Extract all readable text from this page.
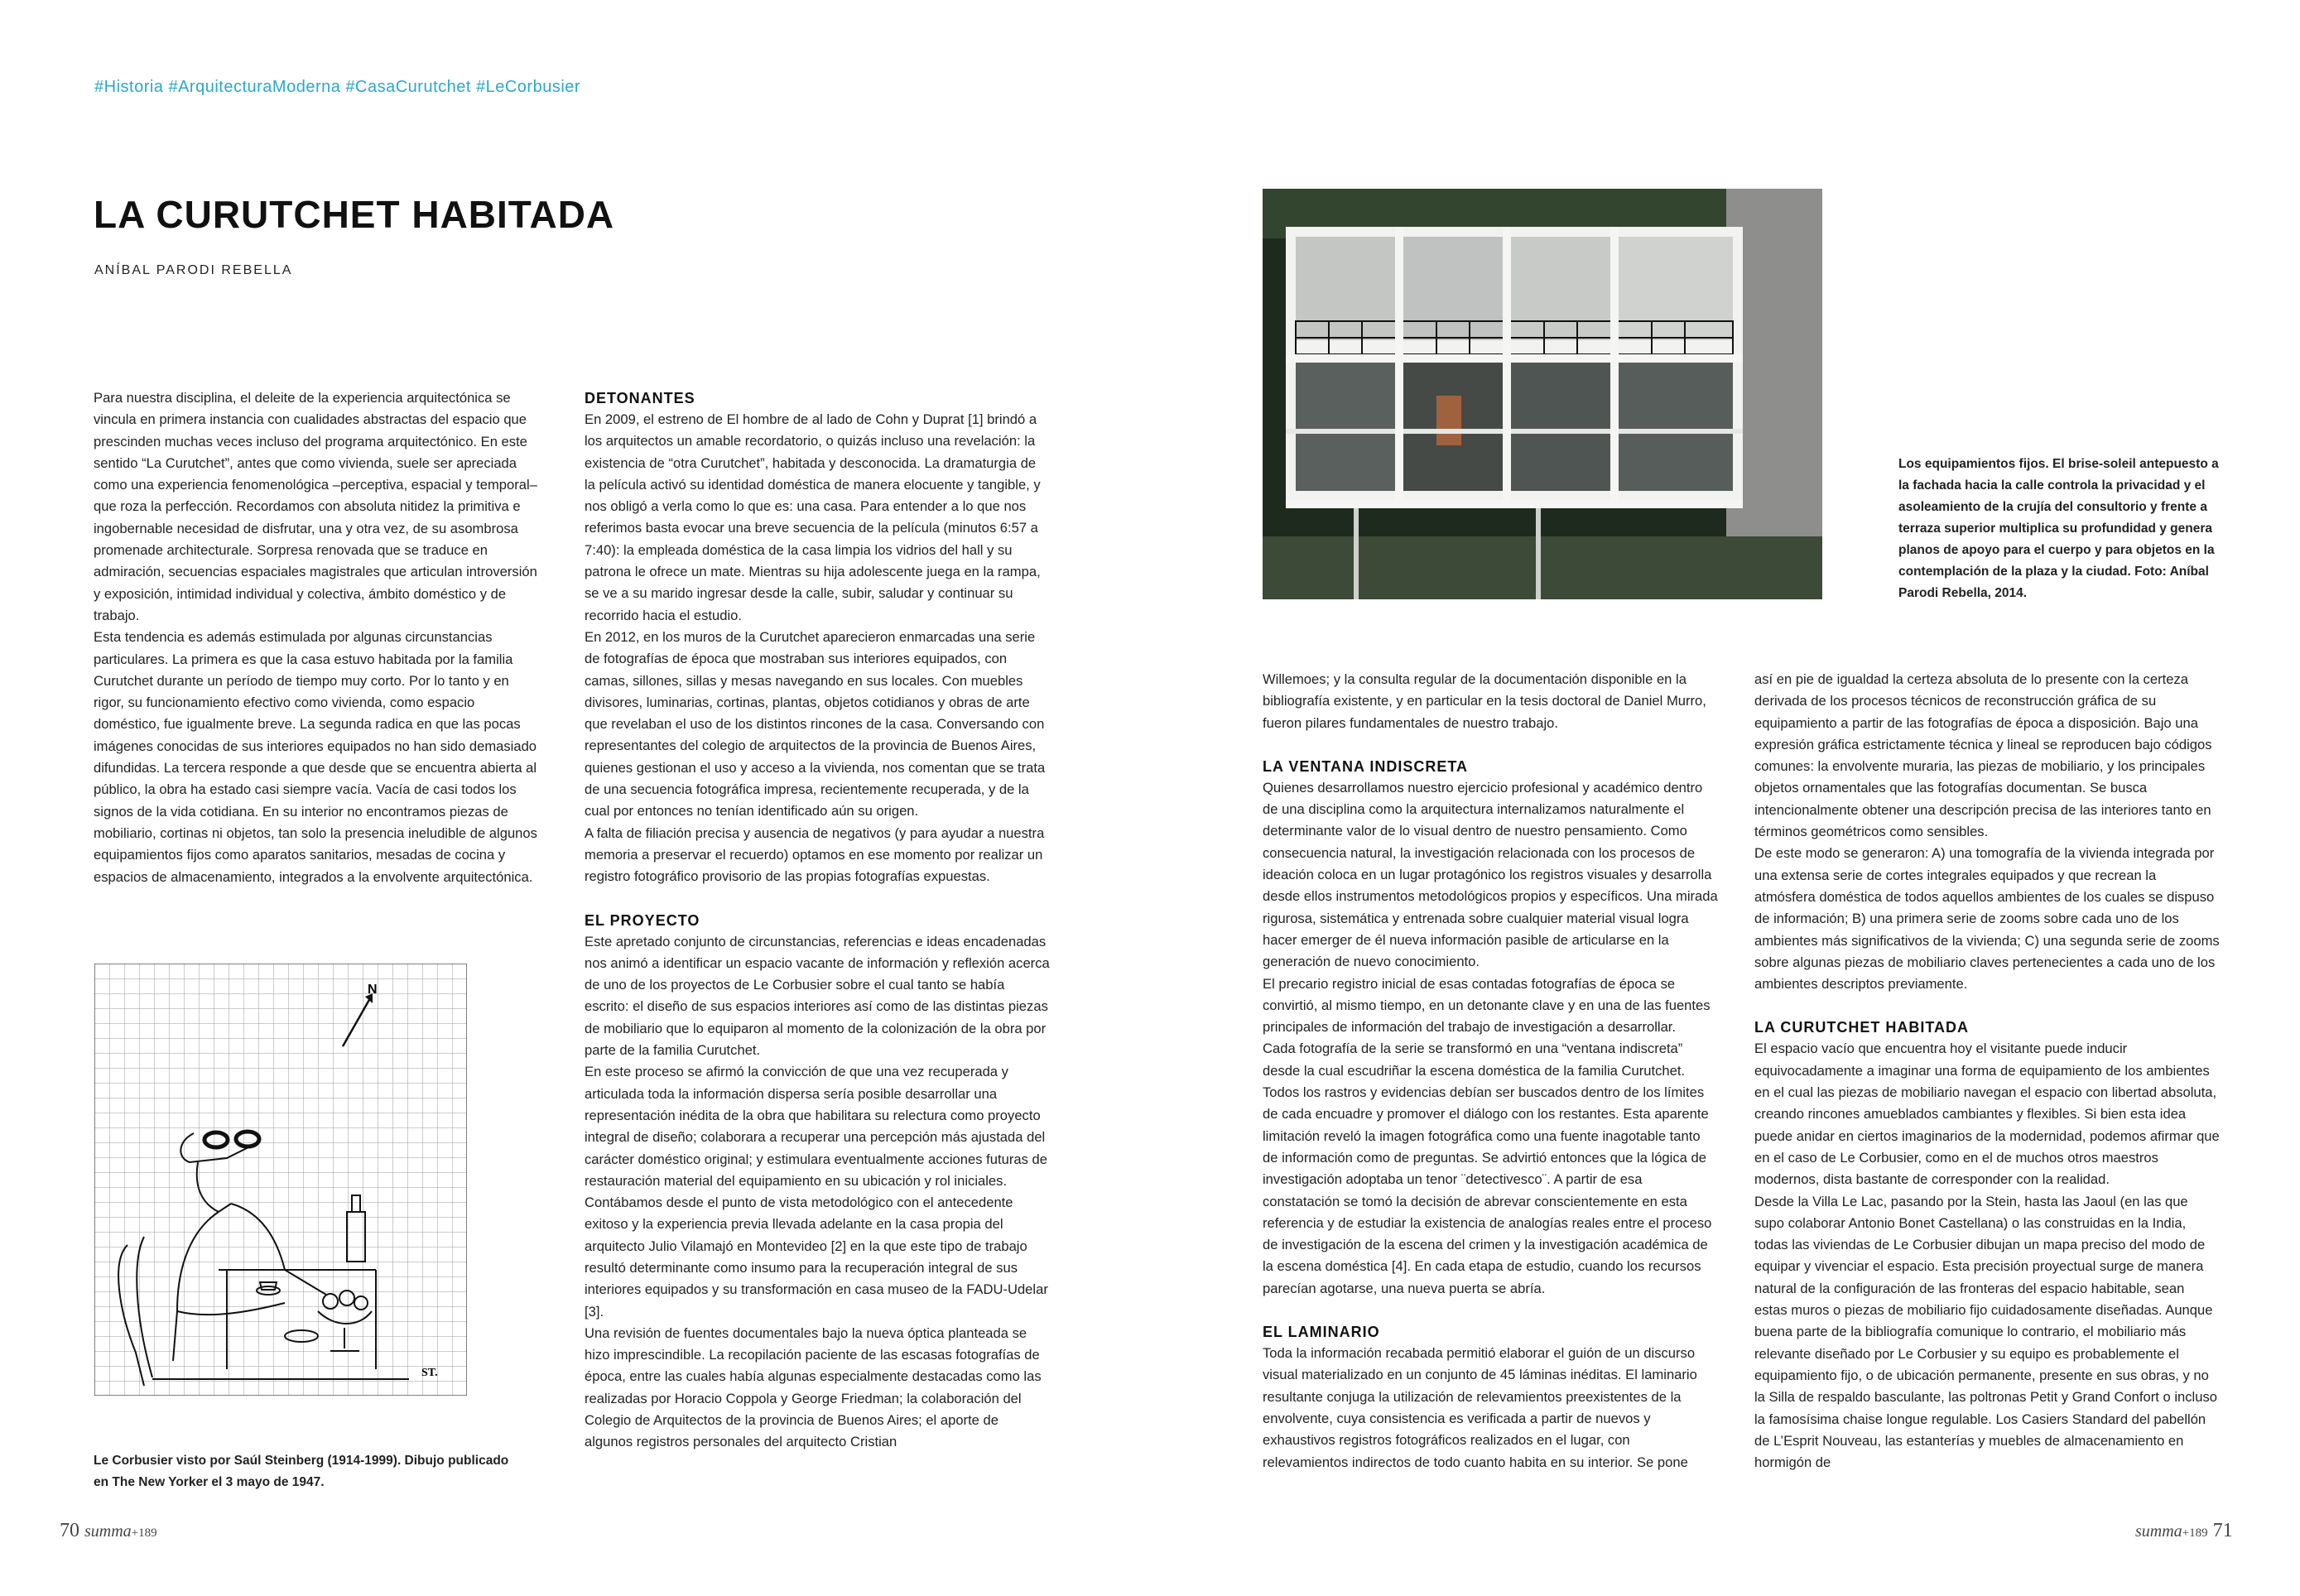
#Historia #ArquitecturaModerna #CasaCurutchet #LeCorbusier
LA CURUTCHET HABITADA
ANÍBAL PARODI REBELLA

Para nuestra disciplina, el deleite de la experiencia arquitectónica se vincula en primera instancia con cualidades abstractas del espacio que prescinden muchas veces incluso del programa arquitectónico. En este sentido “La Curutchet”, antes que como vivienda, suele ser apreciada como una experiencia fenomenológica –perceptiva, espacial y temporal– que roza la perfección. Recordamos con absoluta nitidez la primitiva e ingobernable necesidad de disfrutar, una y otra vez, de su asombrosa promenade architecturale. Sorpresa renovada que se traduce en admiración, secuencias espaciales magistrales que articulan introversión y exposición, intimidad individual y colectiva, ámbito doméstico y de trabajo.

Esta tendencia es además estimulada por algunas circunstancias particulares. La primera es que la casa estuvo habitada por la familia Curutchet durante un período de tiempo muy corto. Por lo tanto y en rigor, su funcionamiento efectivo como vivienda, como espacio doméstico, fue igualmente breve. La segunda radica en que las pocas imágenes conocidas de sus interiores equipados no han sido demasiado difundidas. La tercera responde a que desde que se encuentra abierta al público, la obra ha estado casi siempre vacía. Vacía de casi todos los signos de la vida cotidiana. En su interior no encontramos piezas de mobiliario, cortinas ni objetos, tan solo la presencia ineludible de algunos equipamientos fijos como aparatos sanitarios, mesadas de cocina y espacios de almacenamiento, integrados a la envolvente arquitectónica.

N
ST.
Le Corbusier visto por Saúl Steinberg (1914-1999). Dibujo publicado
en The New Yorker el 3 mayo de 1947.
DETONANTES

En 2009, el estreno de El hombre de al lado de Cohn y Duprat [1] brindó a los arquitectos un amable recordatorio, o quizás incluso una revelación: la existencia de “otra Curutchet”, habitada y desconocida. La dramaturgia de la película activó su identidad doméstica de manera elocuente y tangible, y nos obligó a verla como lo que es: una casa. Para entender a lo que nos referimos basta evocar una breve secuencia de la película (minutos 6:57 a 7:40): la empleada doméstica de la casa limpia los vidrios del hall y su patrona le ofrece un mate. Mientras su hija adolescente juega en la rampa, se ve a su marido ingresar desde la calle, subir, saludar y continuar su recorrido hacia el estudio.

En 2012, en los muros de la Curutchet aparecieron enmarcadas una serie de fotografías de época que mostraban sus interiores equipados, con camas, sillones, sillas y mesas navegando en sus locales. Con muebles divisores, luminarias, cortinas, plantas, objetos cotidianos y obras de arte que revelaban el uso de los distintos rincones de la casa. Conversando con representantes del colegio de arquitectos de la provincia de Buenos Aires, quienes gestionan el uso y acceso a la vivienda, nos comentan que se trata de una secuencia fotográfica impresa, recientemente recuperada, y de la cual por entonces no tenían identificado aún su origen.

A falta de filiación precisa y ausencia de negativos (y para ayudar a nuestra memoria a preservar el recuerdo) optamos en ese momento por realizar un registro fotográfico provisorio de las propias fotografías expuestas.

EL PROYECTO

Este apretado conjunto de circunstancias, referencias e ideas encadenadas nos animó a identificar un espacio vacante de información y reflexión acerca de uno de los proyectos de Le Corbusier sobre el cual tanto se había escrito: el diseño de sus espacios interiores así como de las distintas piezas de mobiliario que lo equiparon al momento de la colonización de la obra por parte de la familia Curutchet.

En este proceso se afirmó la convicción de que una vez recuperada y articulada toda la información dispersa sería posible desarrollar una representación inédita de la obra que habilitara su relectura como proyecto integral de diseño; colaborara a recuperar una percepción más ajustada del carácter doméstico original; y estimulara eventualmente acciones futuras de restauración material del equipamiento en su ubicación y rol iniciales. Contábamos desde el punto de vista metodológico con el antecedente exitoso y la experiencia previa llevada adelante en la casa propia del arquitecto Julio Vilamajó en Montevideo [2] en la que este tipo de trabajo resultó determinante como insumo para la recuperación integral de sus interiores equipados y su transformación en casa museo de la FADU-Udelar [3].

Una revisión de fuentes documentales bajo la nueva óptica planteada se hizo imprescindible. La recopilación paciente de las escasas fotografías de época, entre las cuales había algunas especialmente destacadas como las realizadas por Horacio Coppola y George Friedman; la colaboración del Colegio de Arquitectos de la provincia de Buenos Aires; el aporte de algunos registros personales del arquitecto Cristian

70 summa+189
Los equipamientos fijos. El brise-soleil antepuesto a la fachada hacia la calle controla la privacidad y el asoleamiento de la crujía del consultorio y frente a terraza superior multiplica su profundidad y genera planos de apoyo para el cuerpo y para objetos en la contemplación de la plaza y la ciudad. Foto: Aníbal Parodi Rebella, 2014.

Willemoes; y la consulta regular de la documentación disponible en la bibliografía existente, y en particular en la tesis doctoral de Daniel Murro, fueron pilares fundamentales de nuestro trabajo.

LA VENTANA INDISCRETA

Quienes desarrollamos nuestro ejercicio profesional y académico dentro de una disciplina como la arquitectura internalizamos naturalmente el determinante valor de lo visual dentro de nuestro pensamiento. Como consecuencia natural, la investigación relacionada con los procesos de ideación coloca en un lugar protagónico los registros visuales y desarrolla desde ellos instrumentos metodológicos propios y específicos. Una mirada rigurosa, sistemática y entrenada sobre cualquier material visual logra hacer emerger de él nueva información pasible de articularse en la generación de nuevo conocimiento.

El precario registro inicial de esas contadas fotografías de época se convirtió, al mismo tiempo, en un detonante clave y en una de las fuentes principales de información del trabajo de investigación a desarrollar.

Cada fotografía de la serie se transformó en una “ventana indiscreta” desde la cual escudriñar la escena doméstica de la familia Curutchet. Todos los rastros y evidencias debían ser buscados dentro de los límites de cada encuadre y promover el diálogo con los restantes. Esta aparente limitación reveló la imagen fotográfica como una fuente inagotable tanto de información como de preguntas. Se advirtió entonces que la lógica de investigación adoptaba un tenor ¨detectivesco¨. A partir de esa constatación se tomó la decisión de abrevar conscientemente en esta referencia y de estudiar la existencia de analogías reales entre el proceso de investigación de la escena del crimen y la investigación académica de la escena doméstica [4]. En cada etapa de estudio, cuando los recursos parecían agotarse, una nueva puerta se abría.

EL LAMINARIO

Toda la información recabada permitió elaborar el guión de un discurso visual materializado en un conjunto de 45 láminas inéditas. El laminario resultante conjuga la utilización de relevamientos preexistentes de la envolvente, cuya consistencia es verificada a partir de nuevos y exhaustivos registros fotográficos realizados en el lugar, con relevamientos indirectos de todo cuanto habita en su interior. Se pone

así en pie de igualdad la certeza absoluta de lo presente con la certeza derivada de los procesos técnicos de reconstrucción gráfica de su equipamiento a partir de las fotografías de época a disposición. Bajo una expresión gráfica estrictamente técnica y lineal se reproducen bajo códigos comunes: la envolvente muraria, las piezas de mobiliario, y los principales objetos ornamentales que las fotografías documentan. Se busca intencionalmente obtener una descripción precisa de las interiores tanto en términos geométricos como sensibles.

De este modo se generaron: A) una tomografía de la vivienda integrada por una extensa serie de cortes integrales equipados y que recrean la atmósfera doméstica de todos aquellos ambientes de los cuales se dispuso de información; B) una primera serie de zooms sobre cada uno de los ambientes más significativos de la vivienda; C) una segunda serie de zooms sobre algunas piezas de mobiliario claves pertenecientes a cada uno de los ambientes descriptos previamente.

LA CURUTCHET HABITADA

El espacio vacío que encuentra hoy el visitante puede inducir equivocadamente a imaginar una forma de equipamiento de los ambientes en el cual las piezas de mobiliario navegan el espacio con libertad absoluta, creando rincones amueblados cambiantes y flexibles. Si bien esta idea puede anidar en ciertos imaginarios de la modernidad, podemos afirmar que en el caso de Le Corbusier, como en el de muchos otros maestros modernos, dista bastante de corresponder con la realidad.

Desde la Villa Le Lac, pasando por la Stein, hasta las Jaoul (en las que supo colaborar Antonio Bonet Castellana) o las construidas en la India, todas las viviendas de Le Corbusier dibujan un mapa preciso del modo de equipar y vivenciar el espacio. Esta precisión proyectual surge de manera natural de la configuración de las fronteras del espacio habitable, sean estas muros o piezas de mobiliario fijo cuidadosamente diseñadas. Aunque buena parte de la bibliografía comunique lo contrario, el mobiliario más relevante diseñado por Le Corbusier y su equipo es probablemente el equipamiento fijo, o de ubicación permanente, presente en sus obras, y no la Silla de respaldo basculante, las poltronas Petit y Grand Confort o incluso la famosísima chaise longue regulable. Los Casiers Standard del pabellón de L’Esprit Nouveau, las estanterías y muebles de almacenamiento en hormigón de

summa+189 71
